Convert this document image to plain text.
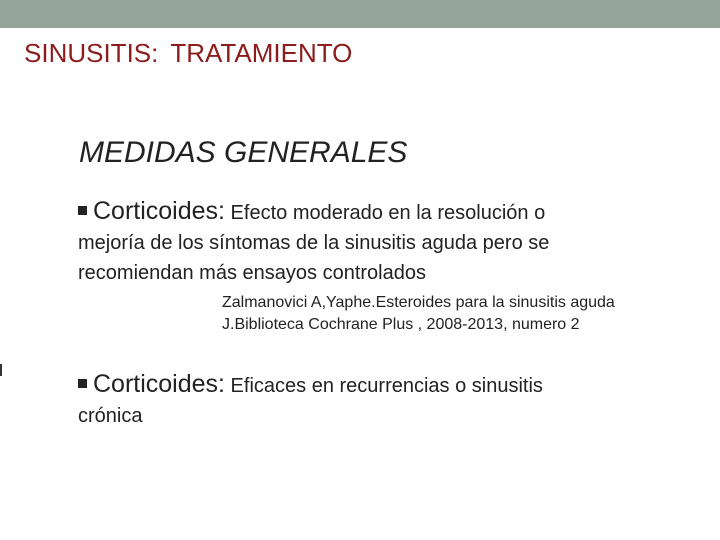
SINUSITIS: TRATAMIENTO
MEDIDAS GENERALES
Corticoides: Efecto moderado en la resolución o
mejoría de los síntomas de la sinusitis aguda pero se
recomiendan más ensayos controlados
Zalmanovici A,Yaphe.Esteroides para la sinusitis aguda
J.Biblioteca Cochrane Plus , 2008-2013, numero 2
Corticoides: Eficaces en recurrencias o sinusitis
crónica
